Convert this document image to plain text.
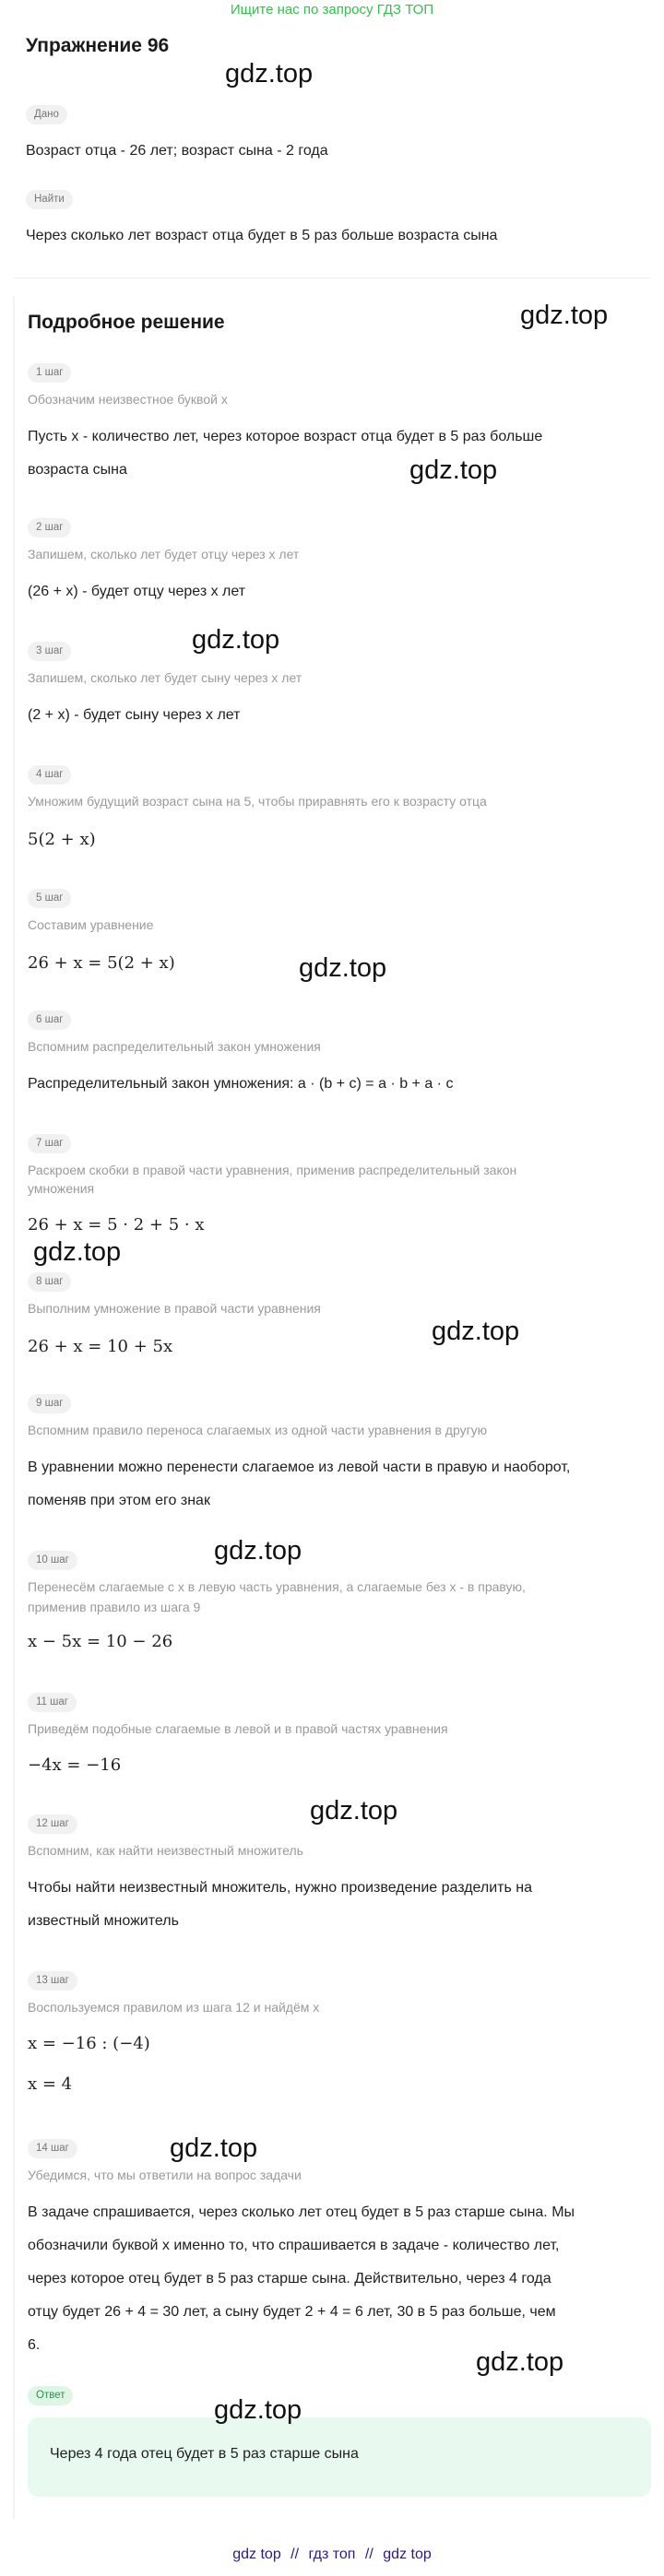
Ищите нас по запросу ГДЗ ТОП
Упражнение 96
Дано
Возраст отца - 26 лет; возраст сына - 2 года
Найти
Через сколько лет возраст отца будет в 5 раз больше возраста сына
Подробное решение
1 шаг
Обозначим неизвестное буквой x
Пусть x - количество лет, через которое возраст отца будет в 5 раз больше
возраста сына
2 шаг
Запишем, сколько лет будет отцу через x лет
(26 + x) - будет отцу через x лет
3 шаг
Запишем, сколько лет будет сыну через x лет
(2 + x) - будет сыну через x лет
4 шаг
Умножим будущий возраст сына на 5, чтобы приравнять его к возрасту отца
5(2 + x)
5 шаг
Составим уравнение
26 + x = 5(2 + x)
6 шаг
Вспомним распределительный закон умножения
Распределительный закон умножения: a · (b + c) = a · b + a · c
7 шаг
Раскроем скобки в правой части уравнения, применив распределительный закон
умножения
26 + x = 5 · 2 + 5 · x
8 шаг
Выполним умножение в правой части уравнения
26 + x = 10 + 5x
9 шаг
Вспомним правило переноса слагаемых из одной части уравнения в другую
В уравнении можно перенести слагаемое из левой части в правую и наоборот,
поменяв при этом его знак
10 шаг
Перенесём слагаемые с x в левую часть уравнения, а слагаемые без x - в правую,
применив правило из шага 9
x − 5x = 10 − 26
11 шаг
Приведём подобные слагаемые в левой и в правой частях уравнения
−4x = −16
12 шаг
Вспомним, как найти неизвестный множитель
Чтобы найти неизвестный множитель, нужно произведение разделить на
известный множитель
13 шаг
Воспользуемся правилом из шага 12 и найдём x
x = −16 : (−4)
x = 4
14 шаг
Убедимся, что мы ответили на вопрос задачи
В задаче спрашивается, через сколько лет отец будет в 5 раз старше сына. Мы
обозначили буквой x именно то, что спрашивается в задаче - количество лет,
через которое отец будет в 5 раз старше сына. Действительно, через 4 года
отцу будет 26 + 4 = 30 лет, а сыну будет 2 + 4 = 6 лет, 30 в 5 раз больше, чем
6.
Ответ
Через 4 года отец будет в 5 раз старше сына
gdz.top
gdz.top
gdz.top
gdz.top
gdz.top
gdz.top
gdz.top
gdz.top
gdz.top
gdz.top
gdz.top
gdz.top
gdz top // гдз топ // gdz top
